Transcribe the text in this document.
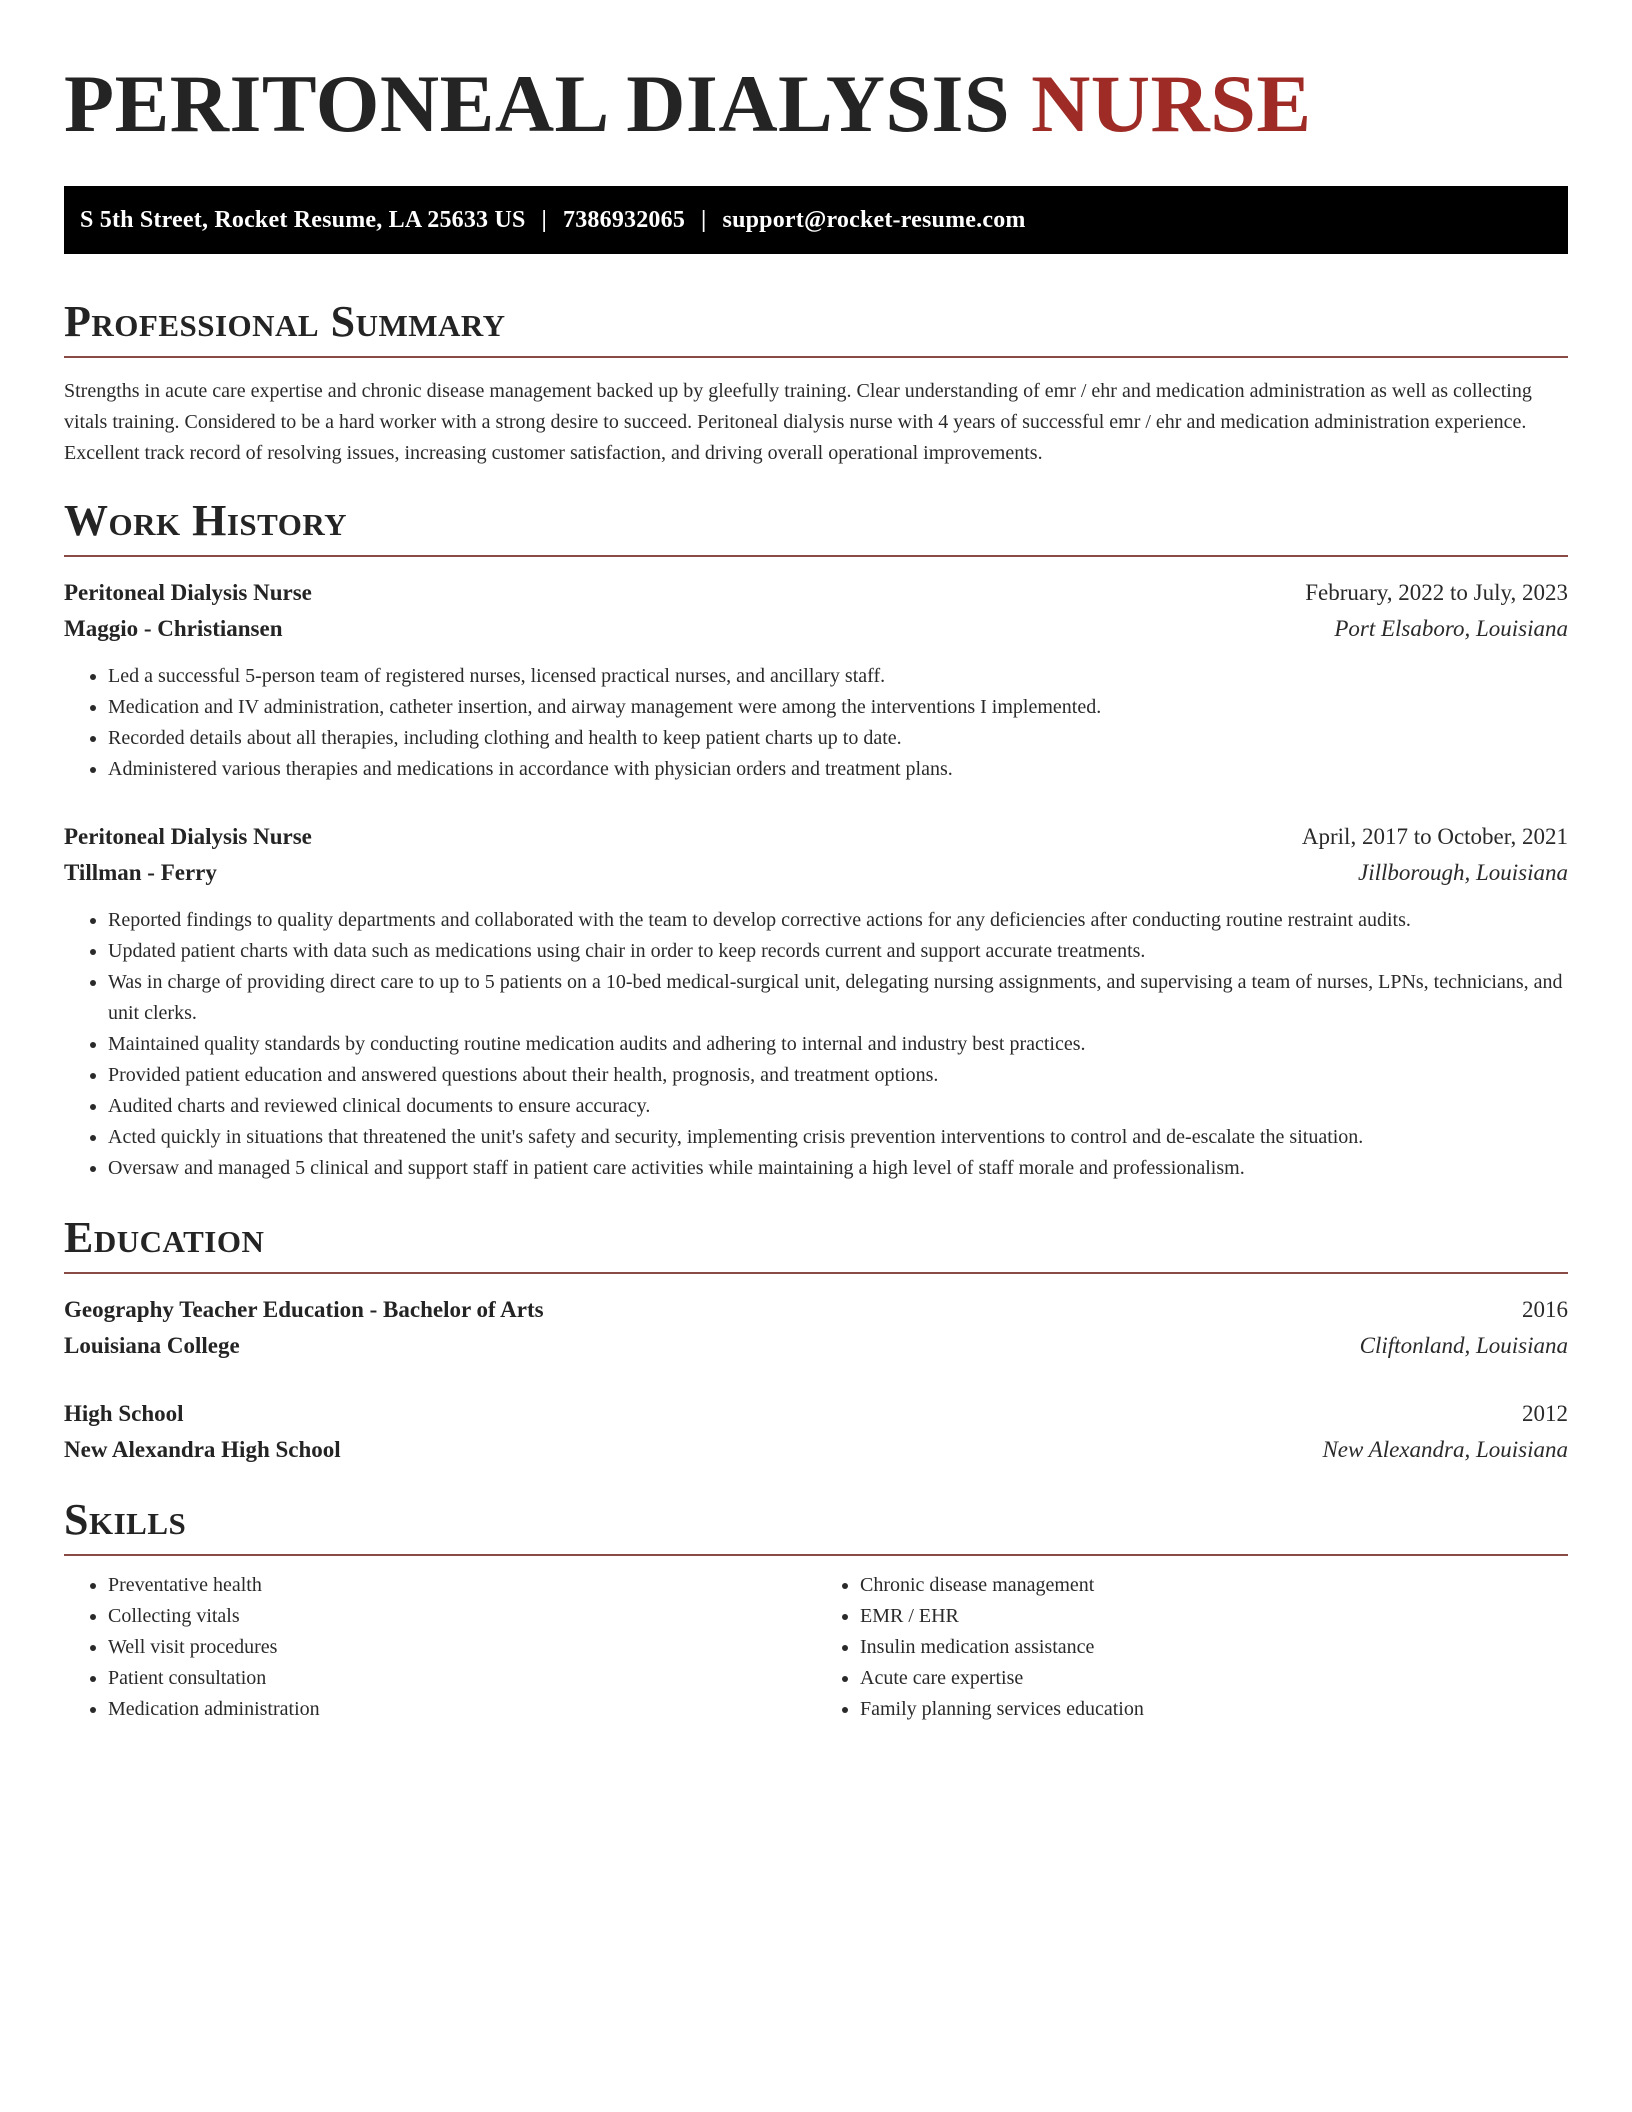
PERITONEAL DIALYSIS NURSE
S 5th Street, Rocket Resume, LA 25633 US | 7386932065 | support@rocket-resume.com
Professional Summary

Strengths in acute care expertise and chronic disease management backed up by gleefully training. Clear understanding of emr / ehr and medication administration as well as collecting vitals training. Considered to be a hard worker with a strong desire to succeed. Peritoneal dialysis nurse with 4 years of successful emr / ehr and medication administration experience. Excellent track record of resolving issues, increasing customer satisfaction, and driving overall operational improvements.

Work History
Peritoneal Dialysis Nurse	February, 2022 to July, 2023
Maggio - Christiansen	Port Elsaboro, Louisiana
• Led a successful 5-person team of registered nurses, licensed practical nurses, and ancillary staff.
• Medication and IV administration, catheter insertion, and airway management were among the interventions I implemented.
• Recorded details about all therapies, including clothing and health to keep patient charts up to date.
• Administered various therapies and medications in accordance with physician orders and treatment plans.
Peritoneal Dialysis Nurse	April, 2017 to October, 2021
Tillman - Ferry	Jillborough, Louisiana
• Reported findings to quality departments and collaborated with the team to develop corrective actions for any deficiencies after conducting routine restraint audits.
• Updated patient charts with data such as medications using chair in order to keep records current and support accurate treatments.
• Was in charge of providing direct care to up to 5 patients on a 10-bed medical-surgical unit, delegating nursing assignments, and supervising a team of nurses, LPNs, technicians, and unit clerks.
• Maintained quality standards by conducting routine medication audits and adhering to internal and industry best practices.
• Provided patient education and answered questions about their health, prognosis, and treatment options.
• Audited charts and reviewed clinical documents to ensure accuracy.
• Acted quickly in situations that threatened the unit's safety and security, implementing crisis prevention interventions to control and de-escalate the situation.
• Oversaw and managed 5 clinical and support staff in patient care activities while maintaining a high level of staff morale and professionalism.
Education
Geography Teacher Education - Bachelor of Arts	2016
Louisiana College	Cliftonland, Louisiana
High School	2012
New Alexandra High School	New Alexandra, Louisiana
Skills
• Preventative health
• Collecting vitals
• Well visit procedures
• Patient consultation
• Medication administration
• Chronic disease management
• EMR / EHR
• Insulin medication assistance
• Acute care expertise
• Family planning services education
